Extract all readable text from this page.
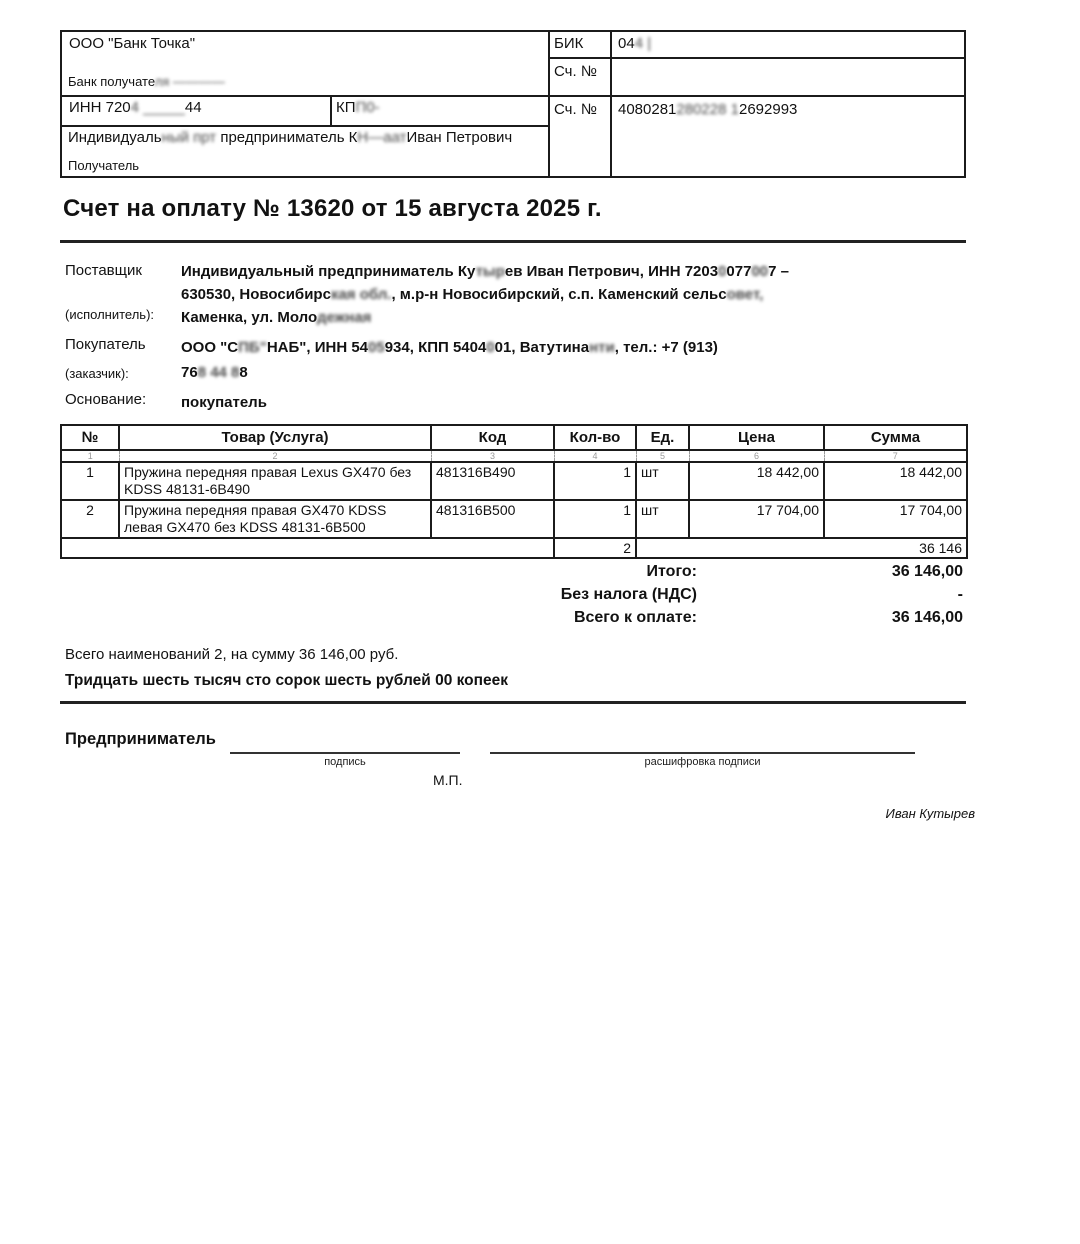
ООО "Банк Точка"
Банк получателя ————
ИНН 7204 _____44	КПП0-
Индивидуальный прт предприниматель КН—аатИван Петрович
Получатель
БИК 044 |
Сч. №
Сч. № 4080281280228 12692993
Счет на оплату № 13620 от 15 августа 2025 г.
Поставщик
(исполнитель):
Индивидуальный предприниматель Кутырев Иван Петрович, ИНН 72030077007 –
630530, Новосибирская обл., м.р-н Новосибирский, с.п. Каменский сельсовет,
Каменка, ул. Молодежная
Покупатель
(заказчик):
ООО "СПБ"НАБ", ИНН 5405934, КПП 5404001, Ватутинанти, тел.: +7 (913)
768 44 88
Основание: покупатель
№	Товар (Услуга)	Код	Кол-во	Ед.	Цена	Сумма
1	2	3	4	5	6	7
1	Пружина передняя правая Lexus GX470 без KDSS 48131-6B490	481316B490	1	шт	18 442,00	18 442,00
2	Пружина передняя правая GX470 KDSS левая GX470 без KDSS 48131-6B500	481316B500	1	шт	17 704,00	17 704,00
			2	36 146		
Итого:	36 146,00
Без налога (НДС)	-
Всего к оплате:	36 146,00
Всего наименований 2, на сумму 36 146,00 руб.
Тридцать шесть тысяч сто сорок шесть рублей 00 копеек
Предприниматель
подпись	расшифровка подписи
М.П.
Иван Кутырев
